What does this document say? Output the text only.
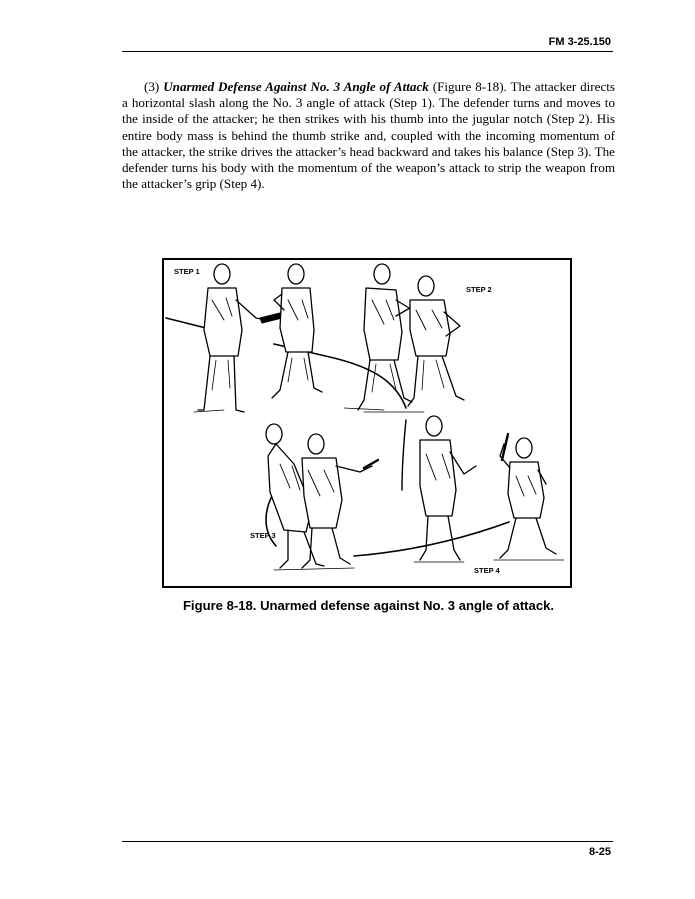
FM 3-25.150

(3) Unarmed Defense Against No. 3 Angle of Attack (Figure 8-18). The attacker directs a horizontal slash along the No. 3 angle of attack (Step 1). The defender turns and moves to the inside of the attacker; he then strikes with his thumb into the jugular notch (Step 2). His entire body mass is behind the thumb strike and, coupled with the incoming momentum of the attacker, the strike drives the attacker’s head backward and takes his balance (Step 3). The defender turns his body with the momentum of the weapon’s attack to strip the weapon from the attacker’s grip (Step 4).

STEP 1
STEP 2
STEP 3
STEP 4
Figure 8-18. Unarmed defense against No. 3 angle of attack.
8-25
